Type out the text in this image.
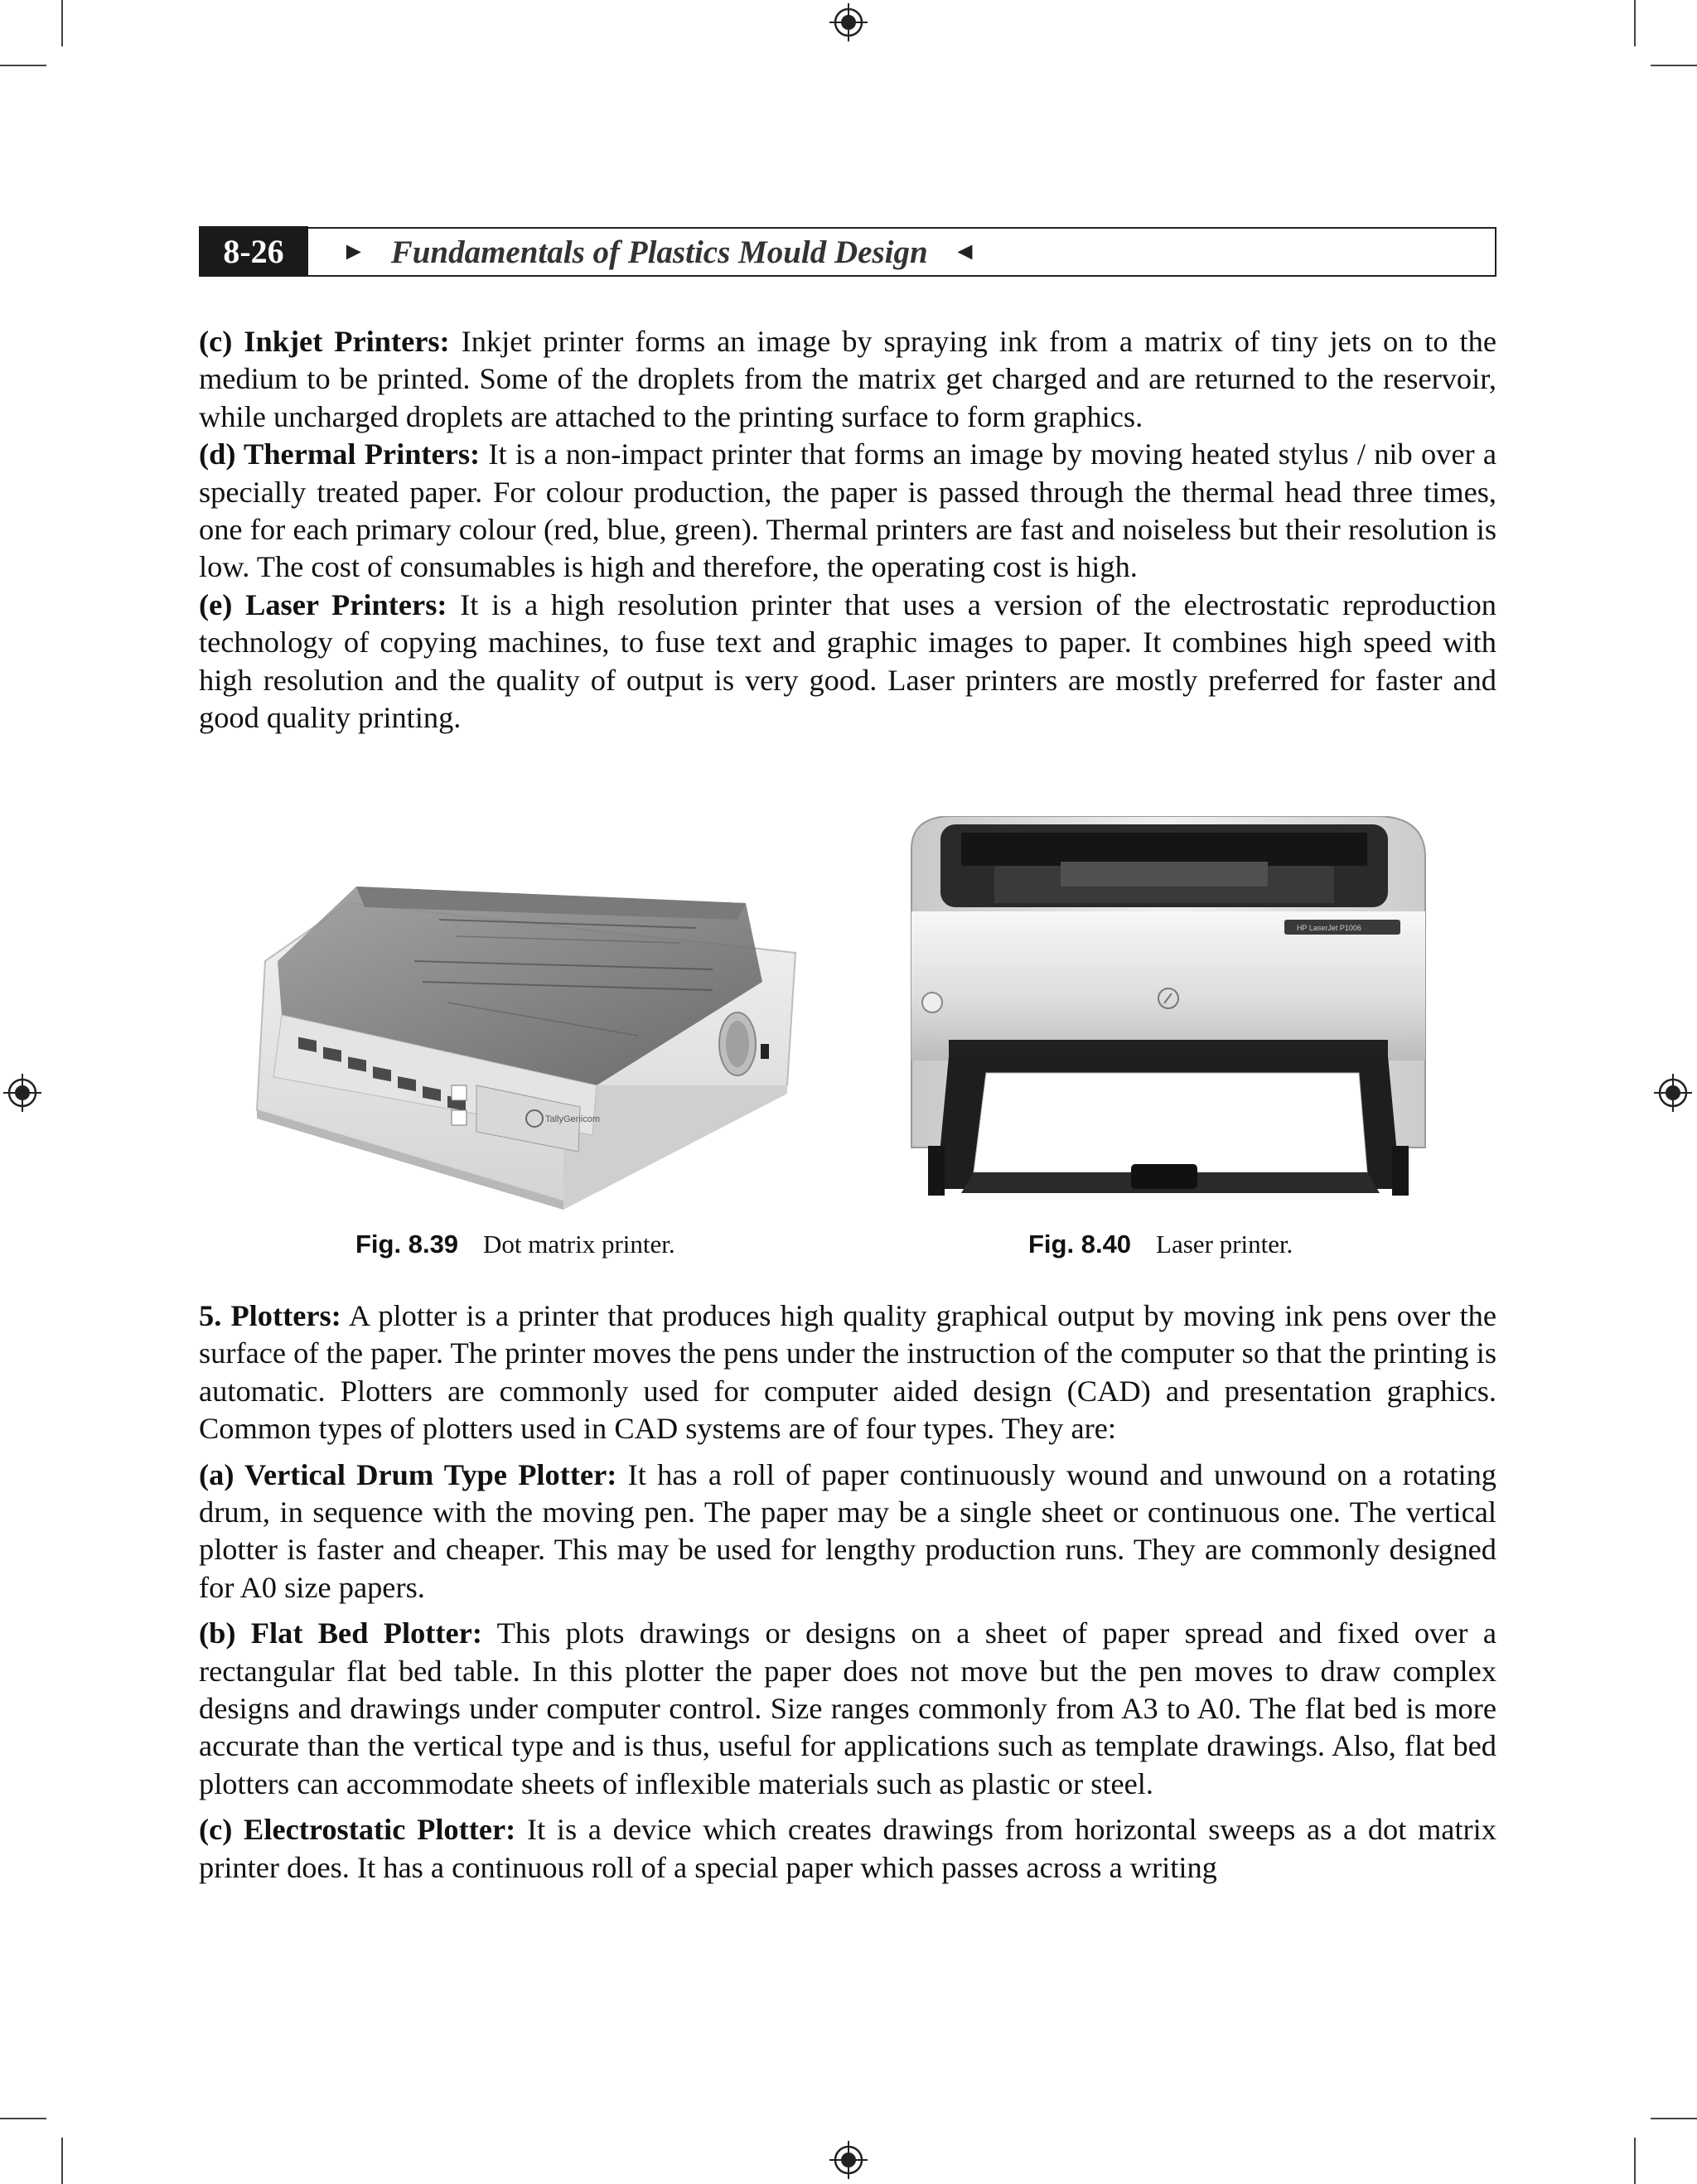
8-26	► Fundamentals of Plastics Mould Design ◄

(c) Inkjet Printers: Inkjet printer forms an image by spraying ink from a matrix of tiny jets on to the medium to be printed. Some of the droplets from the matrix get charged and are returned to the reservoir, while uncharged droplets are attached to the printing surface to form graphics.

(d) Thermal Printers: It is a non-impact printer that forms an image by moving heated stylus / nib over a specially treated paper. For colour production, the paper is passed through the thermal head three times, one for each primary colour (red, blue, green). Thermal printers are fast and noiseless but their resolution is low. The cost of consumables is high and therefore, the operating cost is high.

(e) Laser Printers: It is a high resolution printer that uses a version of the electrostatic reproduction technology of copying machines, to fuse text and graphic images to paper. It combines high speed with high resolution and the quality of output is very good. Laser printers are mostly preferred for faster and good quality printing.

TallyGenicom
HP LaserJet P1006
Fig. 8.39 Dot matrix printer.	Fig. 8.40 Laser printer.

5. Plotters: A plotter is a printer that produces high quality graphical output by moving ink pens over the surface of the paper. The printer moves the pens under the instruction of the computer so that the printing is automatic. Plotters are commonly used for computer aided design (CAD) and presentation graphics. Common types of plotters used in CAD systems are of four types. They are:

(a) Vertical Drum Type Plotter: It has a roll of paper continuously wound and unwound on a rotating drum, in sequence with the moving pen. The paper may be a single sheet or continuous one. The vertical plotter is faster and cheaper. This may be used for lengthy production runs. They are commonly designed for A0 size papers.

(b) Flat Bed Plotter: This plots drawings or designs on a sheet of paper spread and fixed over a rectangular flat bed table. In this plotter the paper does not move but the pen moves to draw complex designs and drawings under computer control. Size ranges commonly from A3 to A0. The flat bed is more accurate than the vertical type and is thus, useful for applications such as template drawings. Also, flat bed plotters can accommodate sheets of inflexible materials such as plastic or steel.

(c) Electrostatic Plotter: It is a device which creates drawings from horizontal sweeps as a dot matrix printer does. It has a continuous roll of a special paper which passes across a writing
